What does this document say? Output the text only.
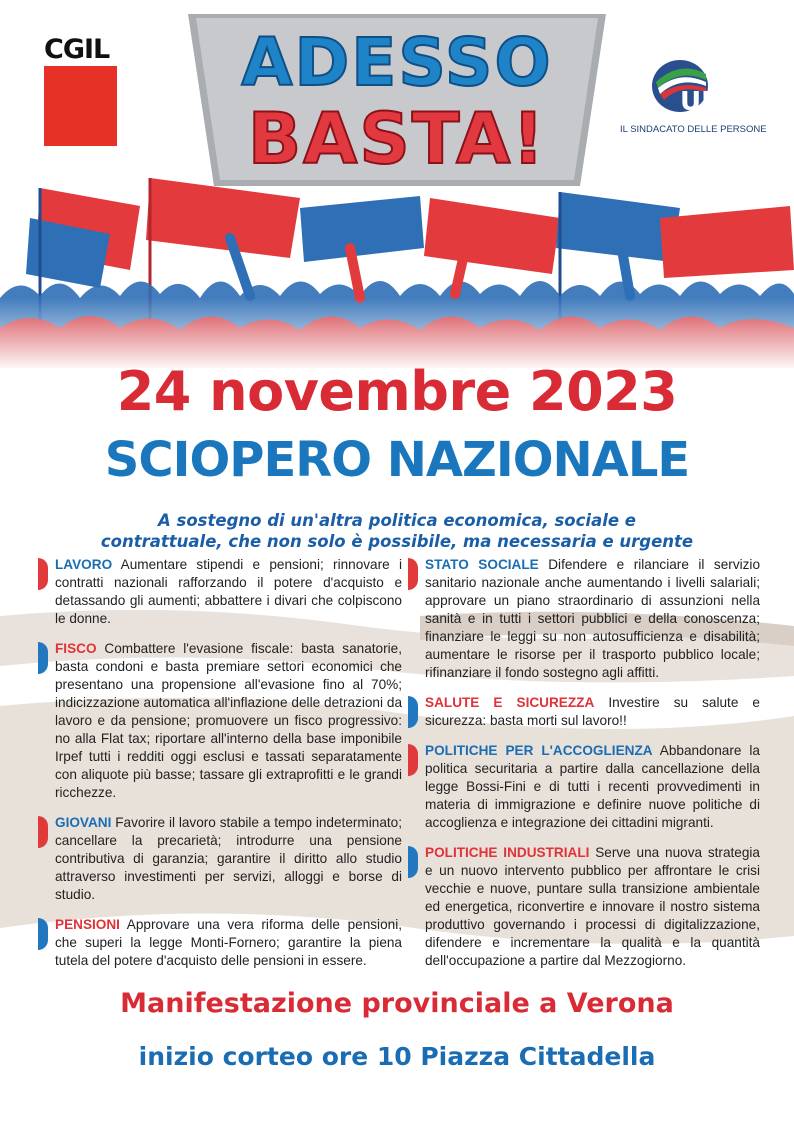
CGIL	ADESSO
BASTA!	UIL
IL SINDACATO DELLE PERSONE
24 novembre 2023
SCIOPERO NAZIONALE
A sostegno di un'altra politica economica, sociale e
contrattuale, che non solo è possibile, ma necessaria e urgente
LAVORO Aumentare stipendi e pensioni; rinnovare i contratti nazionali rafforzando il potere d'acquisto e detassando gli aumenti; abbattere i divari che colpiscono le donne.
FISCO Combattere l'evasione fiscale: basta sanatorie, basta condoni e basta premiare settori economici che presentano una propensione all'evasione fino al 70%; indicizzazione automatica all'inflazione delle detrazioni da lavoro e da pensione; promuovere un fisco progressivo: no alla Flat tax; riportare all'interno della base imponibile Irpef tutti i redditi oggi esclusi e tassati separatamente con aliquote più basse; tassare gli extraprofitti e le grandi ricchezze.
GIOVANI Favorire il lavoro stabile a tempo indeterminato; cancellare la precarietà; introdurre una pensione contributiva di garanzia; garantire il diritto allo studio attraverso investimenti per servizi, alloggi e borse di studio.
PENSIONI Approvare una vera riforma delle pensioni, che superi la legge Monti-Fornero; garantire la piena tutela del potere d'acquisto delle pensioni in essere.
STATO SOCIALE Difendere e rilanciare il servizio sanitario nazionale anche aumentando i livelli salariali; approvare un piano straordinario di assunzioni nella sanità e in tutti i settori pubblici e della conoscenza; finanziare le leggi su non autosufficienza e disabilità; aumentare le risorse per il trasporto pubblico locale; rifinanziare il fondo sostegno agli affitti.
SALUTE E SICUREZZA Investire su salute e sicurezza: basta morti sul lavoro!!
POLITICHE PER L'ACCOGLIENZA Abbandonare la politica securitaria a partire dalla cancellazione della legge Bossi-Fini e di tutti i recenti provvedimenti in materia di immigrazione e definire nuove politiche di accoglienza e integrazione dei cittadini migranti.
POLITICHE INDUSTRIALI Serve una nuova strategia e un nuovo intervento pubblico per affrontare le crisi vecchie e nuove, puntare sulla transizione ambientale ed energetica, riconvertire e innovare il nostro sistema produttivo governando i processi di digitalizzazione, difendere e incrementare la qualità e la quantità dell'occupazione a partire dal Mezzogiorno.
Manifestazione provinciale a Verona
inizio corteo ore 10 Piazza Cittadella
